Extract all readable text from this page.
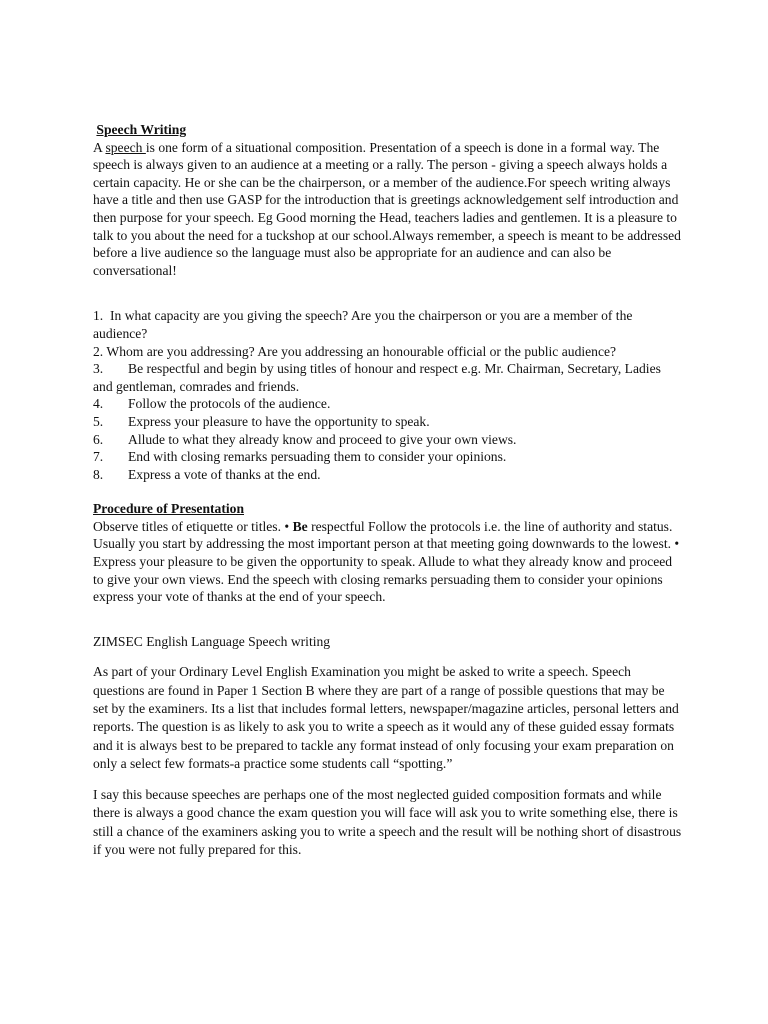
Speech Writing

A speech is one form of a situational composition. Presentation of a speech is done in a formal way. The speech is always given to an audience at a meeting or a rally. The person - giving a speech always holds a certain capacity. He or she can be the chairperson, or a member of the audience.For speech writing always have a title and then use GASP for the introduction that is greetings acknowledgement self introduction and then purpose for your speech. Eg Good morning the Head, teachers ladies and gentlemen. It is a pleasure to talk to you about the need for a tuckshop at our school.Always remember, a speech is meant to be addressed before a live audience so the language must also be appropriate for an audience and can also be conversational!

1. In what capacity are you giving the speech? Are you the chairperson or you are a member of the audience?
2. Whom are you addressing? Are you addressing an honourable official or the public audience?
3. Be respectful and begin by using titles of honour and respect e.g. Mr. Chairman, Secretary, Ladies and gentleman, comrades and friends.
4.	Follow the protocols of the audience.
5.	Express your pleasure to have the opportunity to speak.
6.	Allude to what they already know and proceed to give your own views.
7.	End with closing remarks persuading them to consider your opinions.
8.	Express a vote of thanks at the end.

Procedure of Presentation

Observe titles of etiquette or titles. • Be respectful Follow the protocols i.e. the line of authority and status. Usually you start by addressing the most important person at that meeting going downwards to the lowest. • Express your pleasure to be given the opportunity to speak. Allude to what they already know and proceed to give your own views. End the speech with closing remarks persuading them to consider your opinions express your vote of thanks at the end of your speech.

ZIMSEC English Language Speech writing

As part of your Ordinary Level English Examination you might be asked to write a speech. Speech questions are found in Paper 1 Section B where they are part of a range of possible questions that may be set by the examiners. Its a list that includes formal letters, newspaper/magazine articles, personal letters and reports. The question is as likely to ask you to write a speech as it would any of these guided essay formats and it is always best to be prepared to tackle any format instead of only focusing your exam preparation on only a select few formats-a practice some students call “spotting.”

I say this because speeches are perhaps one of the most neglected guided composition formats and while there is always a good chance the exam question you will face will ask you to write something else, there is still a chance of the examiners asking you to write a speech and the result will be nothing short of disastrous if you were not fully prepared for this.
